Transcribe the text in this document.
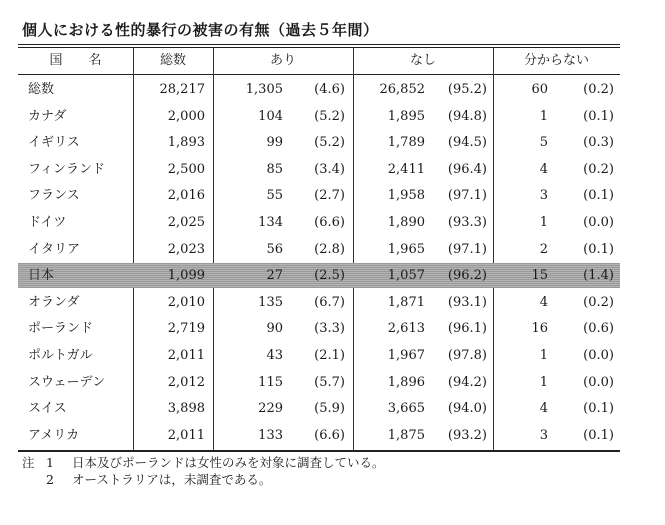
個人における性的暴行の被害の有無（過去５年間）
国　　名	総数	あり	なし	分からない
総数	28,217	1,305	(4.6)	26,852	(95.2)	60	(0.2)
カナダ	2,000	104	(5.2)	1,895	(94.8)	1	(0.1)
イギリス	1,893	99	(5.2)	1,789	(94.5)	5	(0.3)
フィンランド	2,500	85	(3.4)	2,411	(96.4)	4	(0.2)
フランス	2,016	55	(2.7)	1,958	(97.1)	3	(0.1)
ドイツ	2,025	134	(6.6)	1,890	(93.3)	1	(0.0)
イタリア	2,023	56	(2.8)	1,965	(97.1)	2	(0.1)
日本	1,099	27	(2.5)	1,057	(96.2)	15	(1.4)
オランダ	2,010	135	(6.7)	1,871	(93.1)	4	(0.2)
ポーランド	2,719	90	(3.3)	2,613	(96.1)	16	(0.6)
ポルトガル	2,011	43	(2.1)	1,967	(97.8)	1	(0.0)
スウェーデン	2,012	115	(5.7)	1,896	(94.2)	1	(0.0)
スイス	3,898	229	(5.9)	3,665	(94.0)	4	(0.1)
アメリカ	2,011	133	(6.6)	1,875	(93.2)	3	(0.1)
注 1 日本及びポーランドは女性のみを対象に調査している。
2 オーストラリアは，未調査である。
